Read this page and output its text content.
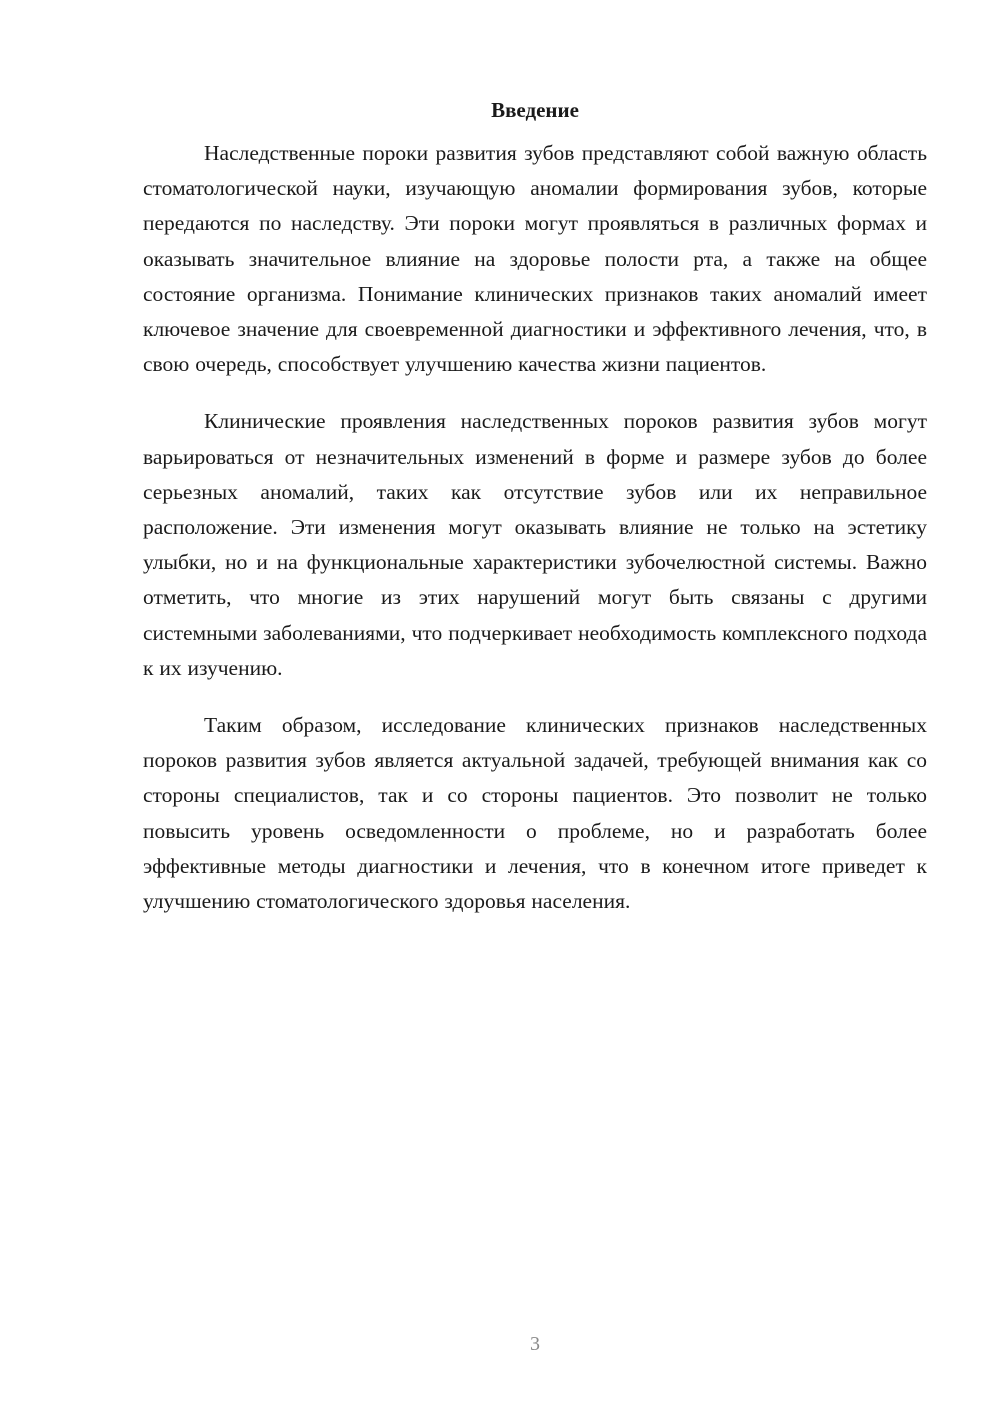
Введение

Наследственные пороки развития зубов представляют собой важную область стоматологической науки, изучающую аномалии формирования зубов, которые передаются по наследству. Эти пороки могут проявляться в различных формах и оказывать значительное влияние на здоровье полости рта, а также на общее состояние организма. Понимание клинических признаков таких аномалий имеет ключевое значение для своевременной диагностики и эффективного лечения, что, в свою очередь, способствует улучшению качества жизни пациентов.

Клинические проявления наследственных пороков развития зубов могут варьироваться от незначительных изменений в форме и размере зубов до более серьезных аномалий, таких как отсутствие зубов или их неправильное расположение. Эти изменения могут оказывать влияние не только на эстетику улыбки, но и на функциональные характеристики зубочелюстной системы. Важно отметить, что многие из этих нарушений могут быть связаны с другими системными заболеваниями, что подчеркивает необходимость комплексного подхода к их изучению.

Таким образом, исследование клинических признаков наследственных пороков развития зубов является актуальной задачей, требующей внимания как со стороны специалистов, так и со стороны пациентов. Это позволит не только повысить уровень осведомленности о проблеме, но и разработать более эффективные методы диагностики и лечения, что в конечном итоге приведет к улучшению стоматологического здоровья населения.

3
